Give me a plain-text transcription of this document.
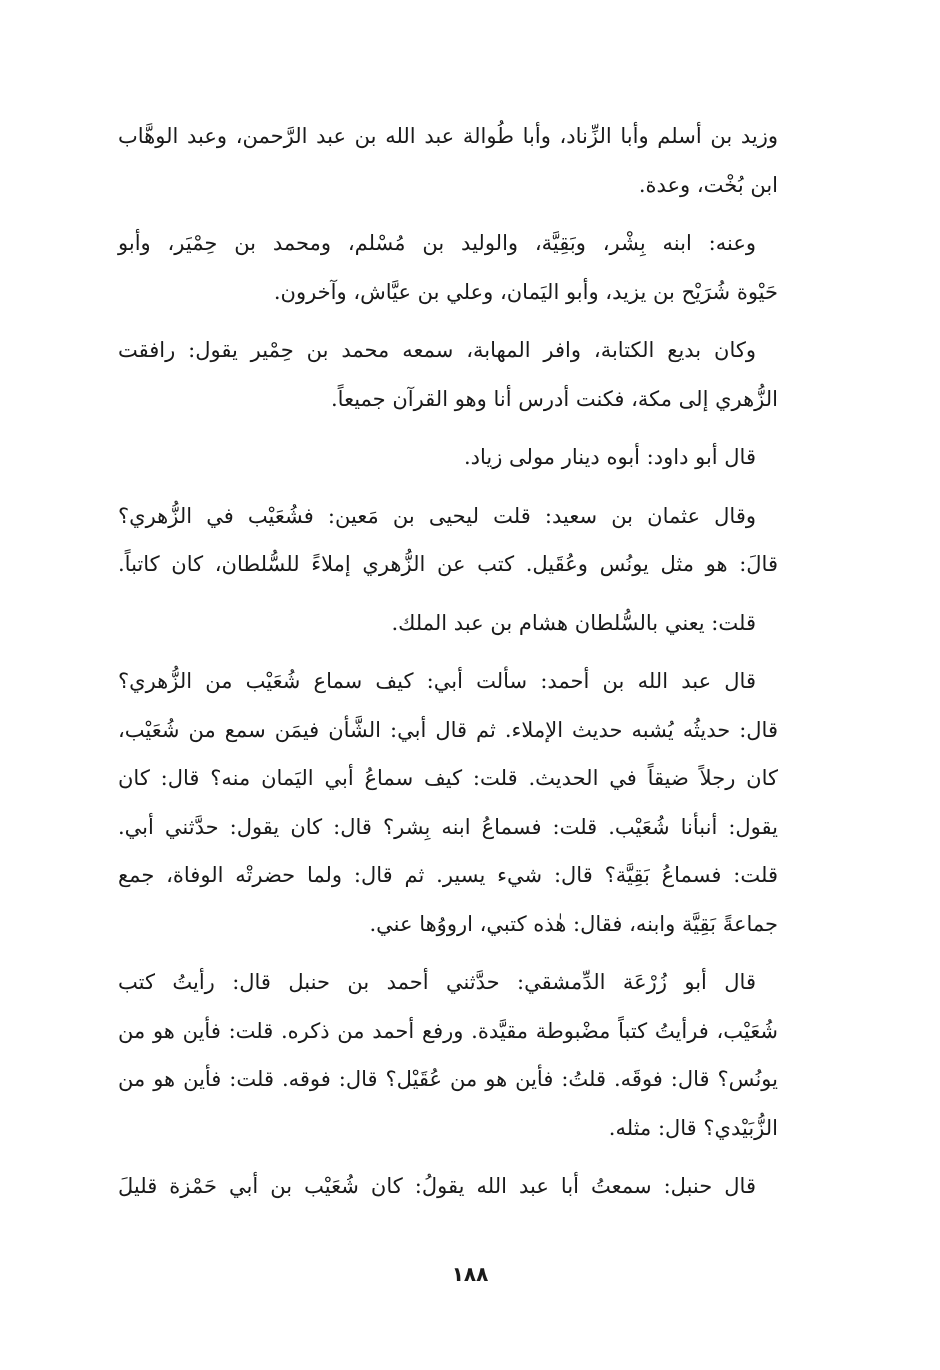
وزيد بن أسلم وأبا الزِّناد، وأبا طُوالة عبد الله بن عبد الرَّحمن، وعبد الوهَّاب
ابن بُخْت، وعدة.

وعنه: ابنه بِشْر، وبَقِيَّة، والوليد بن مُسْلم، ومحمد بن حِمْيَر، وأبو
حَيْوة شُرَيْح بن يزيد، وأبو اليَمان، وعلي بن عيَّاش، وآخرون.

وكان بديع الكتابة، وافر المهابة، سمعه محمد بن حِمْير يقول: رافقت
الزُّهري إلى مكة، فكنت أدرس أنا وهو القرآن جميعاً.

قال أبو داود: أبوه دينار مولى زياد.

وقال عثمان بن سعيد: قلت ليحيى بن مَعين: فشُعَيْب في الزُّهري؟
قالَ: هو مثل يونُس وعُقَيل. كتب عن الزُّهري إملاءً للسُّلطان، كان كاتباً.

قلت: يعني بالسُّلطان هشام بن عبد الملك.

قال عبد الله بن أحمد: سألت أبي: كيف سماع شُعَيْب من الزُّهري؟
قال: حديثُه يُشبه حديث الإملاء. ثم قال أبي: الشَّأن فيمَن سمع من شُعَيْب،
كان رجلاً ضيقاً في الحديث. قلت: كيف سماعُ أبي اليَمان منه؟ قال: كان
يقول: أنبأنا شُعَيْب. قلت: فسماعُ ابنه بِشر؟ قال: كان يقول: حدَّثني أبي.
قلت: فسماعُ بَقِيَّة؟ قال: شيء يسير. ثم قال: ولما حضرتْه الوفاة، جمع
جماعةً بَقِيَّة وابنه، فقال: هٰذه كتبي، ارووُها عني.

قال أبو زُرْعَة الدِّمشقي: حدَّثني أحمد بن حنبل قال: رأيتُ كتب
شُعَيْب، فرأيتُ كتباً مضْبوطة مقيَّدة. ورفع أحمد من ذكره. قلت: فأين هو من
يونُس؟ قال: فوقَه. قلتُ: فأين هو من عُقَيْل؟ قال: فوقه. قلت: فأين هو من
الزُّبَيْدي؟ قال: مثله.

قال حنبل: سمعتُ أبا عبد الله يقولُ: كان شُعَيْب بن أبي حَمْزة قليلَ

١٨٨
